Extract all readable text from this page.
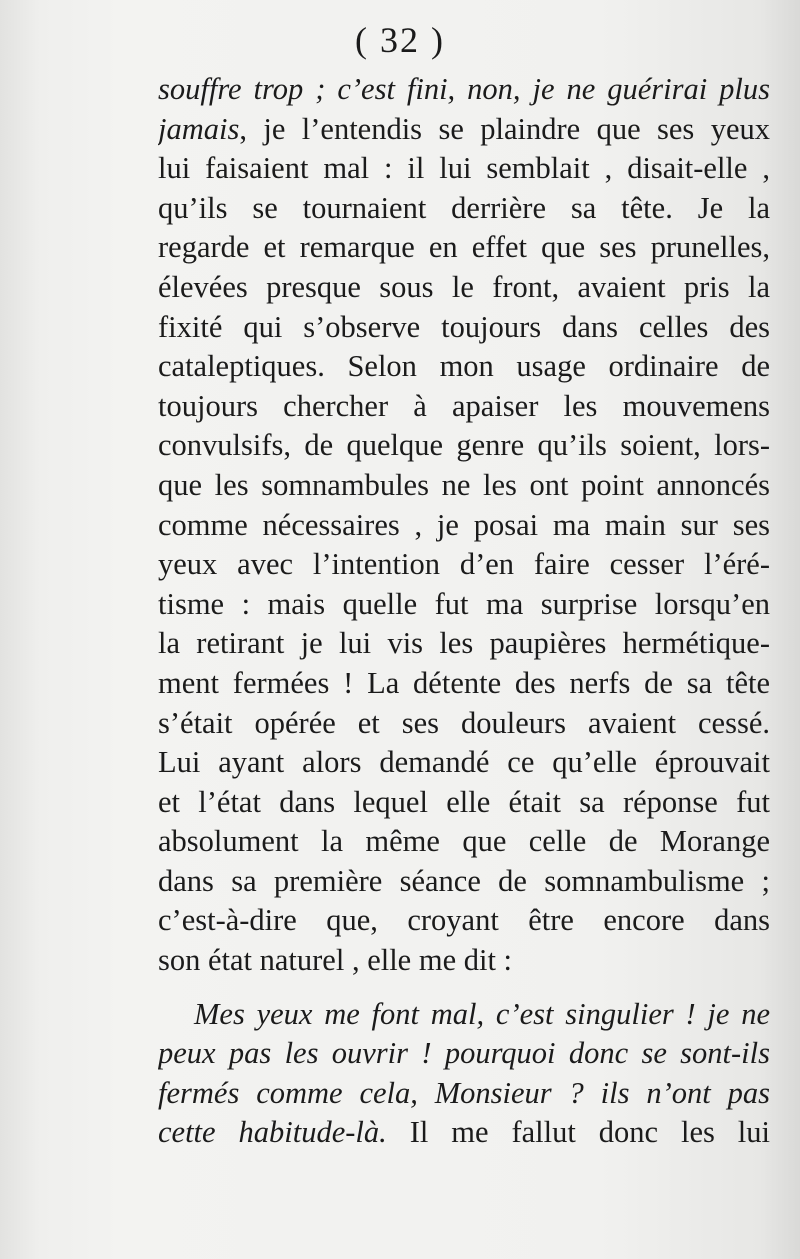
( 32 )
souffre trop ; c’est fini, non, je ne guérirai plus
jamais, je l’entendis se plaindre que ses yeux
lui faisaient mal : il lui semblait , disait-elle ,
qu’ils se tournaient derrière sa tête. Je la
regarde et remarque en effet que ses prunelles,
élevées presque sous le front, avaient pris la
fixité qui s’observe toujours dans celles des
cataleptiques. Selon mon usage ordinaire de
toujours chercher à apaiser les mouvemens
convulsifs, de quelque genre qu’ils soient, lors-
que les somnambules ne les ont point annoncés
comme nécessaires , je posai ma main sur ses
yeux avec l’intention d’en faire cesser l’éré-
tisme : mais quelle fut ma surprise lorsqu’en
la retirant je lui vis les paupières hermétique-
ment fermées ! La détente des nerfs de sa tête
s’était opérée et ses douleurs avaient cessé.
Lui ayant alors demandé ce qu’elle éprouvait
et l’état dans lequel elle était sa réponse fut
absolument la même que celle de Morange
dans sa première séance de somnambulisme ;
c’est-à-dire que, croyant être encore dans
son état naturel , elle me dit :
Mes yeux me font mal, c’est singulier ! je ne
peux pas les ouvrir ! pourquoi donc se sont-ils
fermés comme cela, Monsieur ? ils n’ont pas
cette habitude-là. Il me fallut donc les lui
